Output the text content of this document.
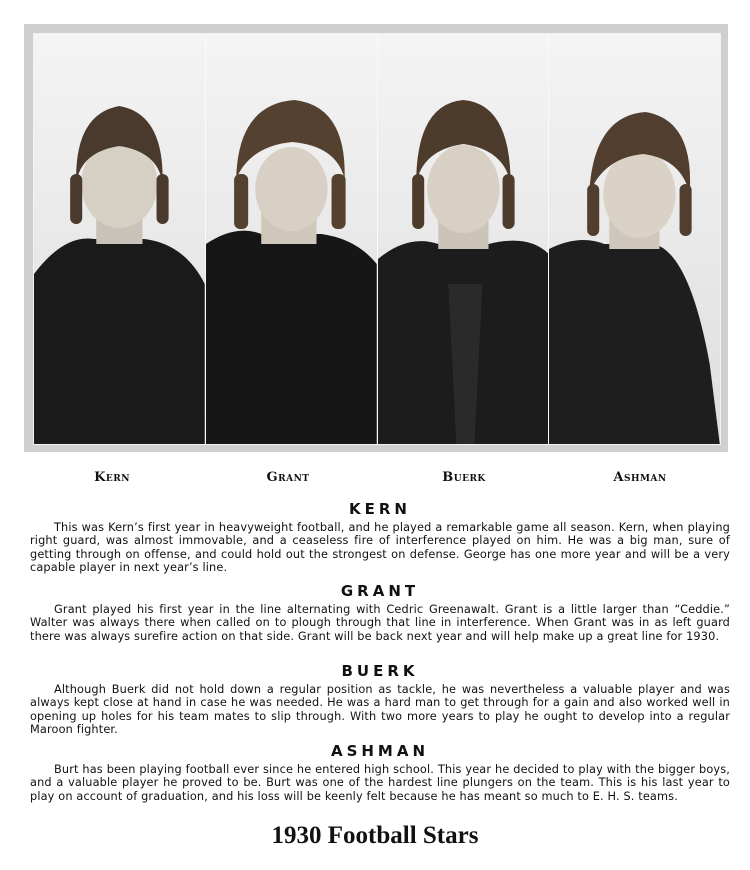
Kern	Grant	Buerk	Ashman
KERN

This was Kern’s first year in heavyweight football, and he played a remarkable game all season. Kern, when playing right guard, was almost immovable, and a ceaseless fire of interference played on him. He was a big man, sure of getting through on offense, and could hold out the strongest on defense. George has one more year and will be a very capable player in next year’s line.

GRANT

Grant played his first year in the line alternating with Cedric Greenawalt. Grant is a little larger than “Ceddie.” Walter was always there when called on to plough through that line in interference. When Grant was in as left guard there was always surefire action on that side. Grant will be back next year and will help make up a great line for 1930.

BUERK

Although Buerk did not hold down a regular position as tackle, he was nevertheless a valuable player and was always kept close at hand in case he was needed. He was a hard man to get through for a gain and also worked well in opening up holes for his team mates to slip through. With two more years to play he ought to develop into a regular Maroon fighter.

ASHMAN

Burt has been playing football ever since he entered high school. This year he decided to play with the bigger boys, and a valuable player he proved to be. Burt was one of the hardest line plungers on the team. This is his last year to play on account of graduation, and his loss will be keenly felt because he has meant so much to E. H. S. teams.

1930 Football Stars
